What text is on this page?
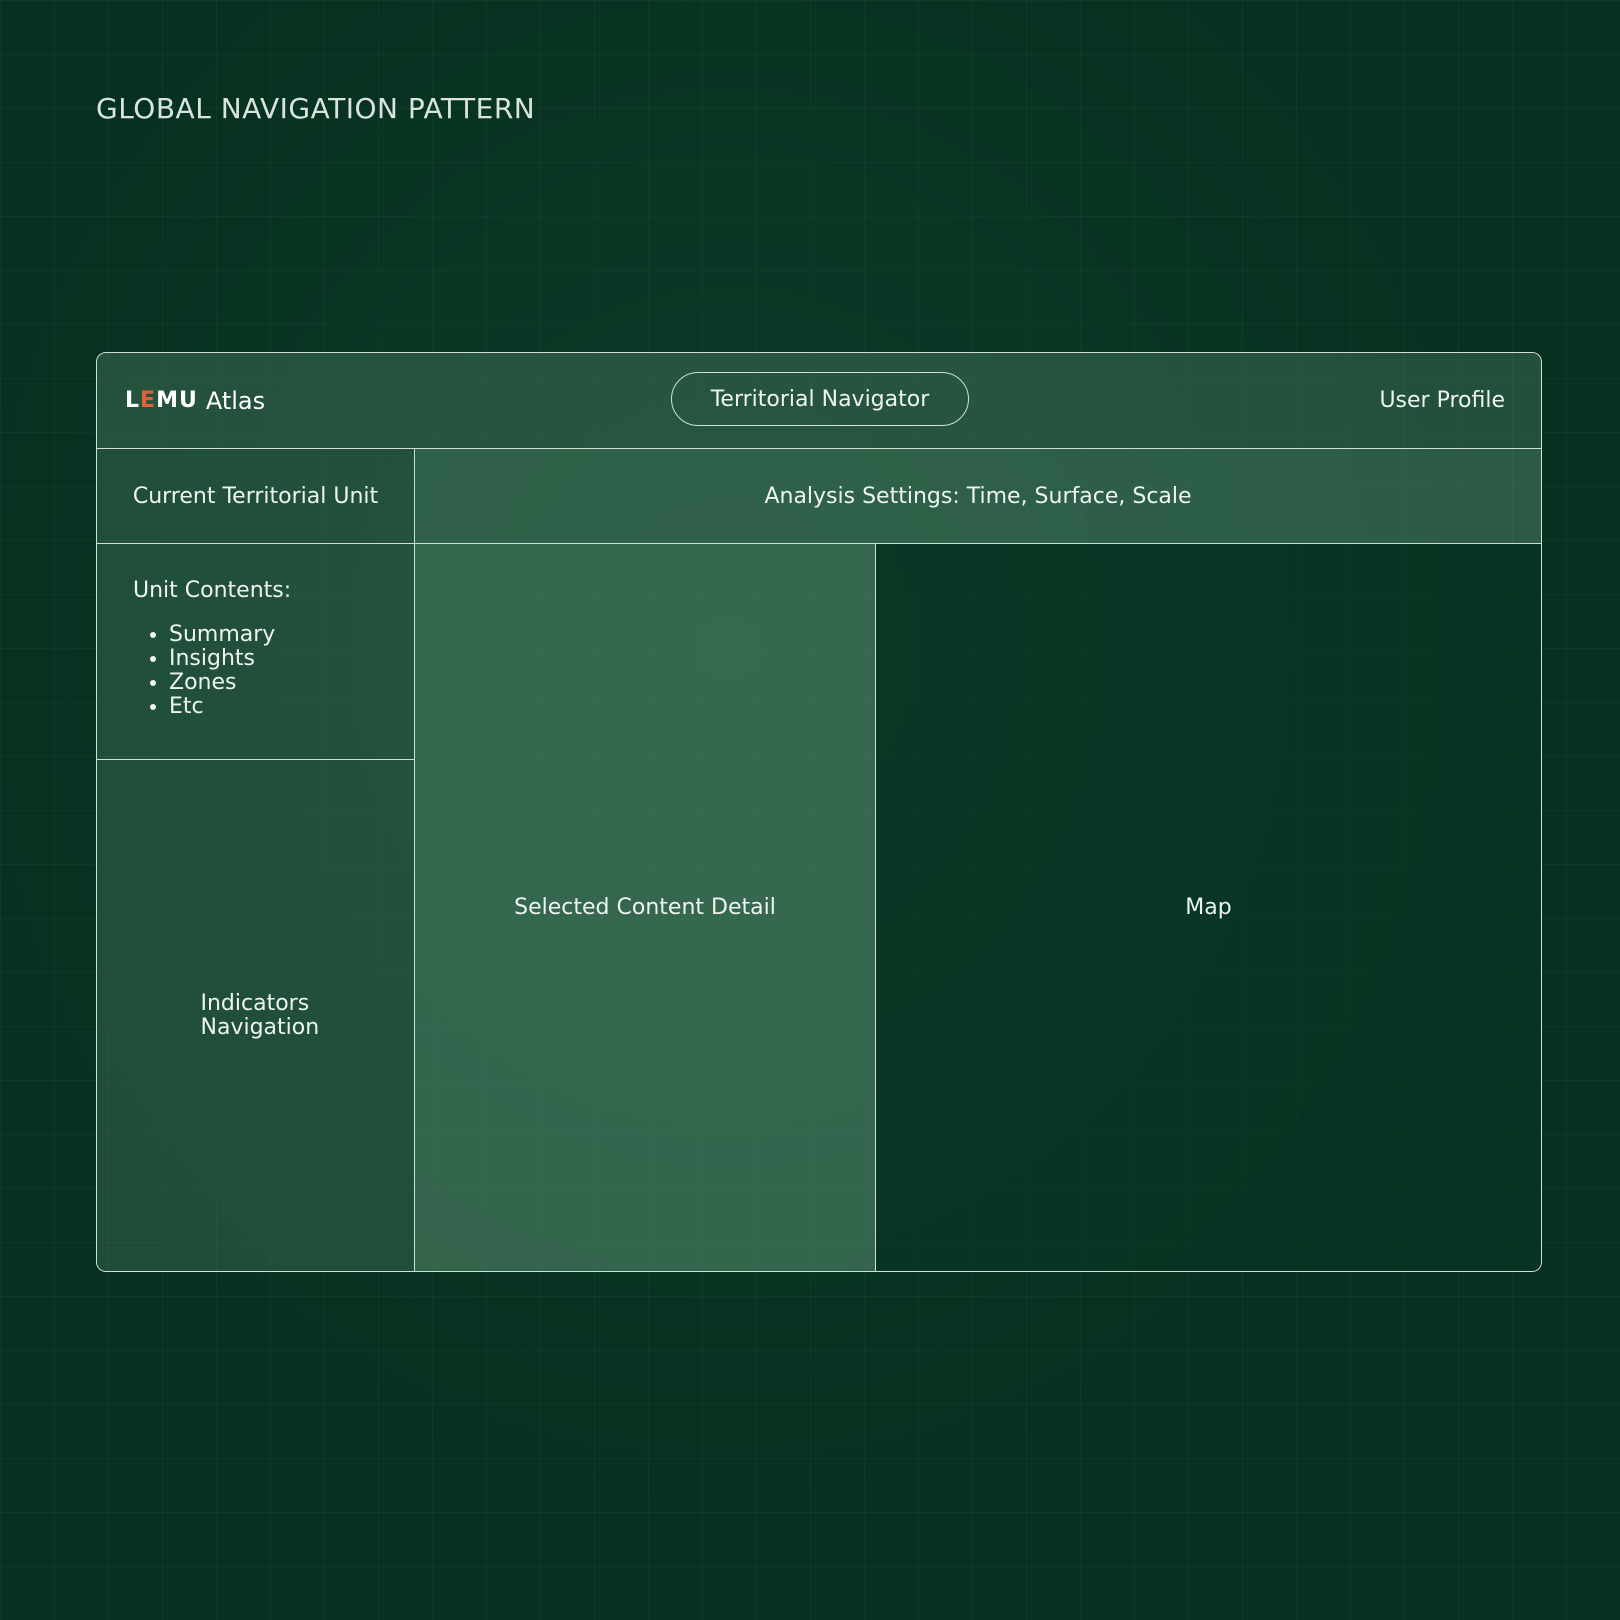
GLOBAL NAVIGATION PATTERN
LEMU Atlas	User Profile
Territorial Navigator
Current Territorial Unit	Analysis Settings: Time, Surface, Scale
Unit Contents:
• Summary
• Insights
• Zones
• Etc
Indicators Navigation
Selected Content Detail	Map
